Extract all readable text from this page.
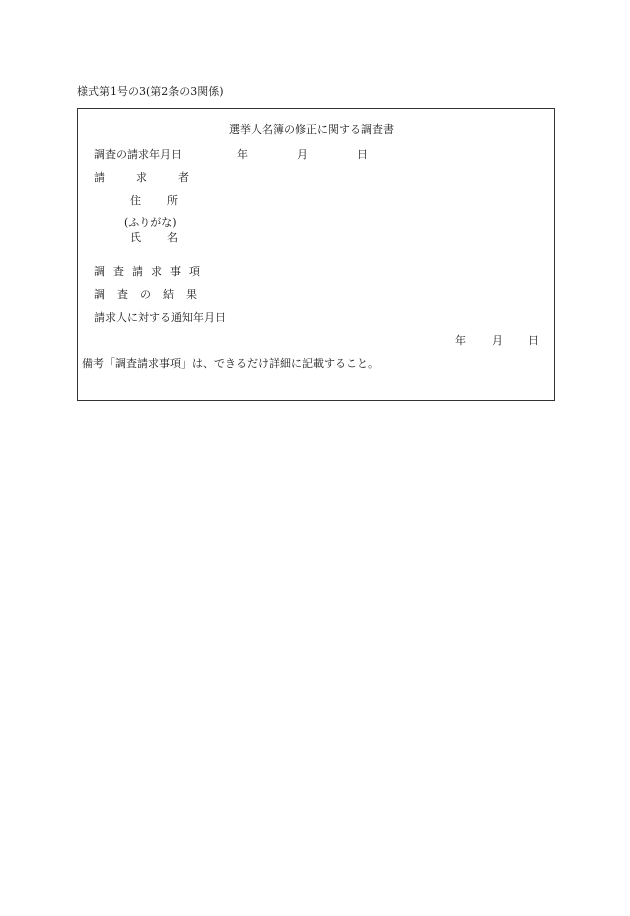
様式第1号の3(第2条の3関係)
選挙人名簿の修正に関する調査書
調査の請求年月日	年	月	日
請	求	者
住 所
(ふりがな)
氏 名
調 査 請 求 事 項
調 査 の 結 果
請求人に対する通知年月日
年 月 日
備考「調査請求事項」は、できるだけ詳細に記載すること。
